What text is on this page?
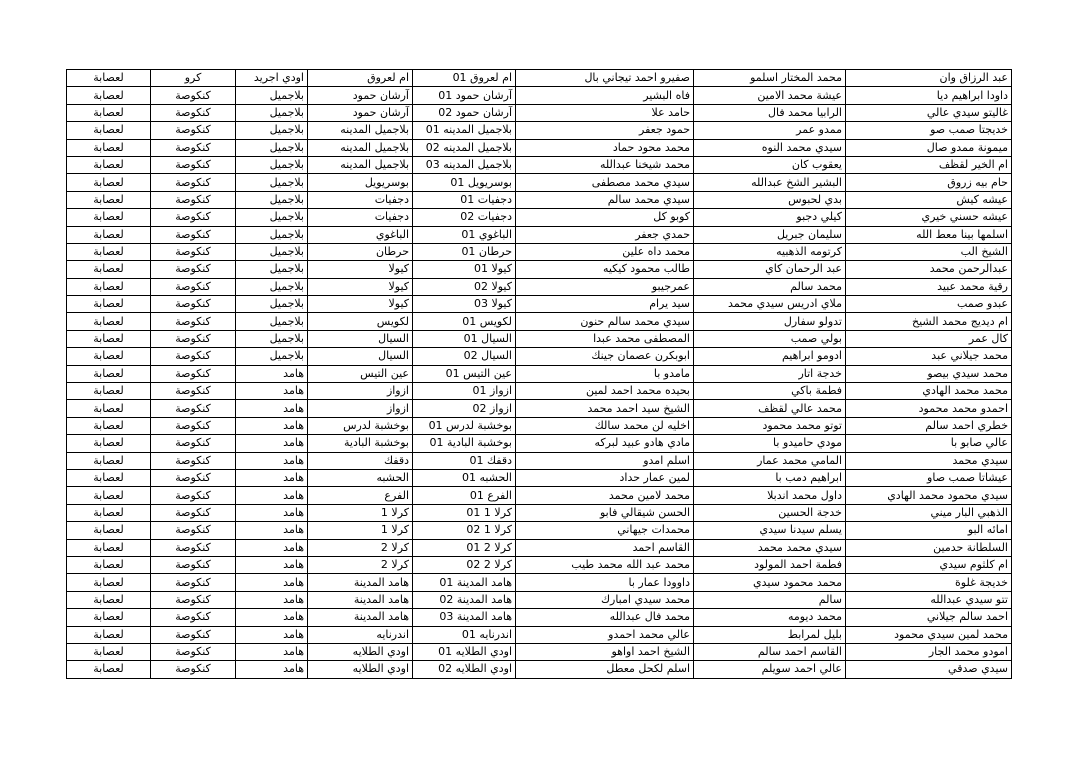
لعصابة	كرو	اودي اجريد	ام لعروق	ام لعروق 01	صفيرو احمد تيجاني بال	محمد المختار اسلمو	عبد الرزاق وان
لعصابة	كنكوصة	بلاجميل	آرشان حمود	آرشان حمود 01	فاه البشير	عيشة محمد الامين	داودا ابراهيم ديا
لعصابة	كنكوصة	بلاجميل	آرشان حمود	آرشان حمود 02	حامد علا	الرابيا محمد فال	غاليتو سيدي عالي
لعصابة	كنكوصة	بلاجميل	بلاجميل المدينه	بلاجميل المدينه 01	حمود جعفر	ممدو عمر	خديجتا صمب صو
لعصابة	كنكوصة	بلاجميل	بلاجميل المدينه	بلاجميل المدينه 02	محمد محود حماد	سيدي محمد النوه	ميمونة ممدو صال
لعصابة	كنكوصة	بلاجميل	بلاجميل المدينه	بلاجميل المدينه 03	محمد شيخنا عبدالله	يعقوب كان	ام الخير لقظف
لعصابة	كنكوصة	بلاجميل	بوسريويل	بوسريويل 01	سيدي محمد مصطفى	البشير الشخ عبدالله	حام بيه زروق
لعصابة	كنكوصة	بلاجميل	دجفيات	دجفيات 01	سيدي محمد سالم	بدي لحبوس	عيشه كيش
لعصابة	كنكوصة	بلاجميل	دجفيات	دجفيات 02	كوبو كل	كيلي دجبو	عيشه حسني خيري
لعصابة	كنكوصة	بلاجميل	الباغوي	الباغوي 01	حمدي جعفر	سليمان جبريل	اسلمها بينا معط الله
لعصابة	كنكوصة	بلاجميل	حرطان	حرطان 01	محمد داه علين	كرتومه الذهبيه	الشيخ الب
لعصابة	كنكوصة	بلاجميل	كيولا	كيولا 01	طالب محمود كيكيه	عبد الرحمان كاي	عبدالرحمن محمد
لعصابة	كنكوصة	بلاجميل	كيولا	كيولا 02	عمرجيبو	محمد سالم	رقية محمد عبيد
لعصابة	كنكوصة	بلاجميل	كيولا	كيولا 03	سيد يرام	ملاي ادريس سيدي محمد	عبدو صمب
لعصابة	كنكوصة	بلاجميل	لكويس	لكويس 01	سيدي محمد سالم حنون	تدولو سفارل	ام ديديج محمد الشيخ
لعصابة	كنكوصة	بلاجميل	السيال	السيال 01	المصطفى محمد عبدا	بولي صمب	كال عمر
لعصابة	كنكوصة	بلاجميل	السيال	السيال 02	ابوبكرن عصمان جينك	ادومو ابراهيم	محمد جيلاني عبد
لعصابة	كنكوصة	هامد	عين التيس	عين التيس 01	مامدو با	خدجة اتار	محمد سيدي بيصو
لعصابة	كنكوصة	هامد	ازواز	ازواز 01	بحيده محمد احمد لمين	فطمة باكي	محمد محمد الهادي
لعصابة	كنكوصة	هامد	ازواز	ازواز 02	الشيخ سيد احمد محمد	محمد عالي لقظف	احمدو محمد محمود
لعصابة	كنكوصة	هامد	بوخشبة لدرس	بوخشبة لدرس 01	اخليه لن محمد سالك	توتو محمد محمود	خطري احمد سالم
لعصابة	كنكوصة	هامد	بوخشبة البادية	بوخشبة البادية 01	مادي هادو عبيد لبركه	مودي حاميدو با	عالي صابو با
لعصابة	كنكوصة	هامد	دقفك	دقفك 01	اسلم امدو	المامي محمد عمار	سيدي محمد
لعصابة	كنكوصة	هامد	الحشبه	الحشبه 01	لمين عمار حداد	ابراهيم دمب با	عيشاتا صمب صاو
لعصابة	كنكوصة	هامد	الفرع	الفرع 01	محمد لامين محمد	داول محمد اندبلا	سيدي محمود محمد الهادي
لعصابة	كنكوصة	هامد	كرلا 1	كرلا 1 01	الحسن شيقالي فابو	خدجة الحسين	الذهبي البار ميني
لعصابة	كنكوصة	هامد	كرلا 1	كرلا 1 02	محمدات جيهاني	يسلم سيدنا سيدي	امائه البو
لعصابة	كنكوصة	هامد	كرلا 2	كرلا 2 01	القاسم احمد	سيدي محمد محمد	السلطانة حدمين
لعصابة	كنكوصة	هامد	كرلا 2	كرلا 2 02	محمد عبد الله محمد طيب	فطمة احمد المولود	ام كلثوم سيدي
لعصابة	كنكوصة	هامد	هامد المدينة	هامد المدينة 01	داوودا عمار با	محمد محمود سيدي	خديجة غلوة
لعصابة	كنكوصة	هامد	هامد المدينة	هامد المدينة 02	محمد سيدي امبارك	سالم	تتو سيدي عبدالله
لعصابة	كنكوصة	هامد	هامد المدينة	هامد المدينة 03	محمد فال عبدالله	محمد ديومه	احمد سالم جيلاني
لعصابة	كنكوصة	هامد	اندرنايه	اندرنايه 01	عالي محمد احمدو	بليل لمرابط	محمد لمين سيدي محمود
لعصابة	كنكوصة	هامد	اودي الطلايه	اودي الطلايه 01	الشيخ احمد اواهو	القاسم احمد سالم	امودو محمد الجار
لعصابة	كنكوصة	هامد	اودي الطلايه	اودي الطلايه 02	اسلم لكحل معطل	عالي احمد سويلم	سيدي صدقي
